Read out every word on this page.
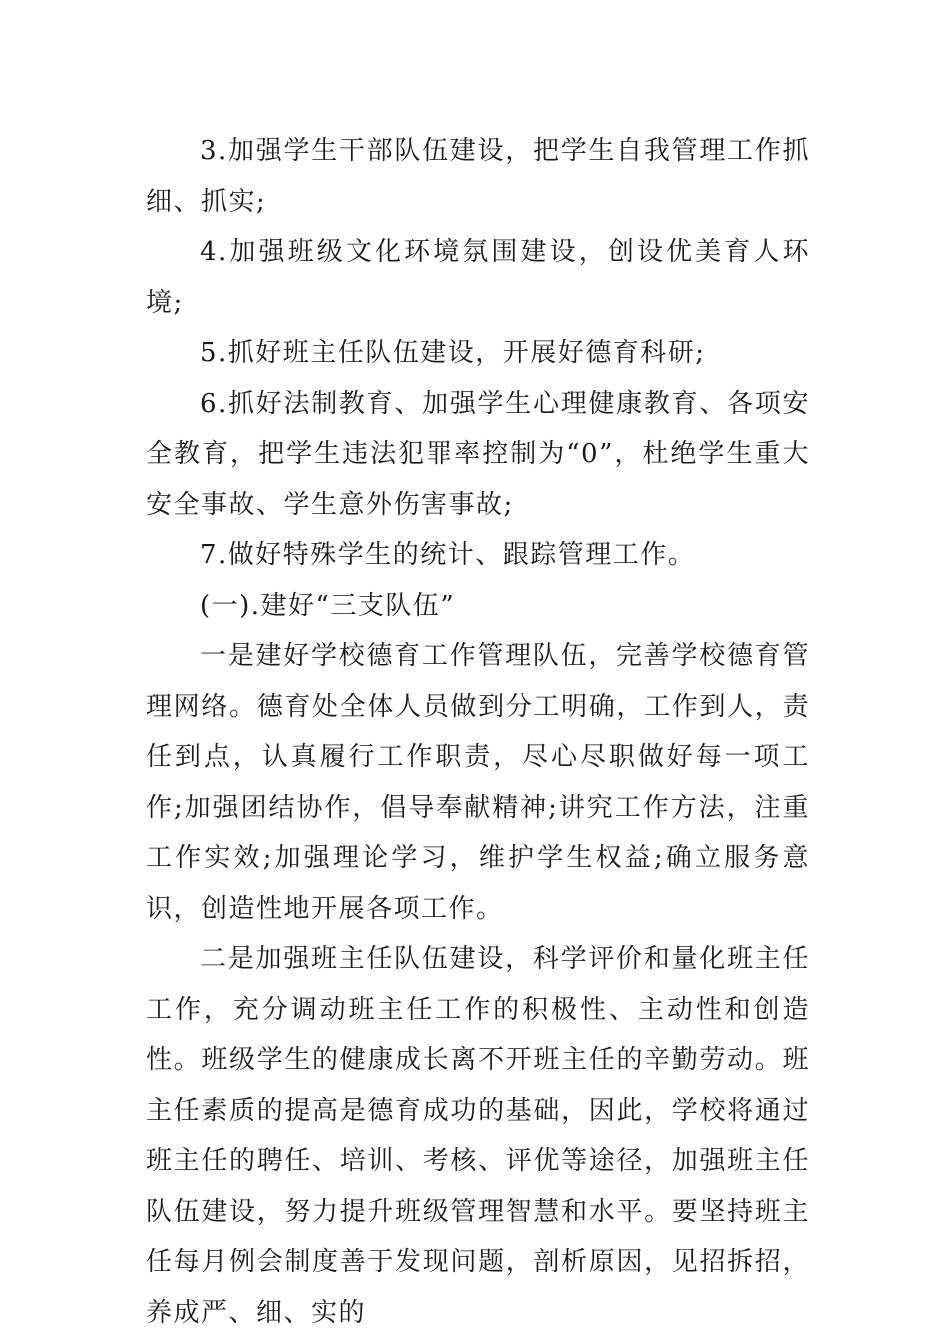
3.加强学生干部队伍建设，把学生自我管理工作抓细、抓实;

4.加强班级文化环境氛围建设，创设优美育人环境;

5.抓好班主任队伍建设，开展好德育科研;

6.抓好法制教育、加强学生心理健康教育、各项安全教育，把学生违法犯罪率控制为“0”，杜绝学生重大安全事故、学生意外伤害事故;

7.做好特殊学生的统计、跟踪管理工作。

(一).建好“三支队伍”

一是建好学校德育工作管理队伍，完善学校德育管理网络。德育处全体人员做到分工明确，工作到人，责任到点，认真履行工作职责，尽心尽职做好每一项工作;加强团结协作，倡导奉献精神;讲究工作方法，注重工作实效;加强理论学习，维护学生权益;确立服务意识，创造性地开展各项工作。

二是加强班主任队伍建设，科学评价和量化班主任工作，充分调动班主任工作的积极性、主动性和创造性。班级学生的健康成长离不开班主任的辛勤劳动。班主任素质的提高是德育成功的基础，因此，学校将通过班主任的聘任、培训、考核、评优等途径，加强班主任队伍建设，努力提升班级管理智慧和水平。要坚持班主任每月例会制度善于发现问题，剖析原因，见招拆招，养成严、细、实的
